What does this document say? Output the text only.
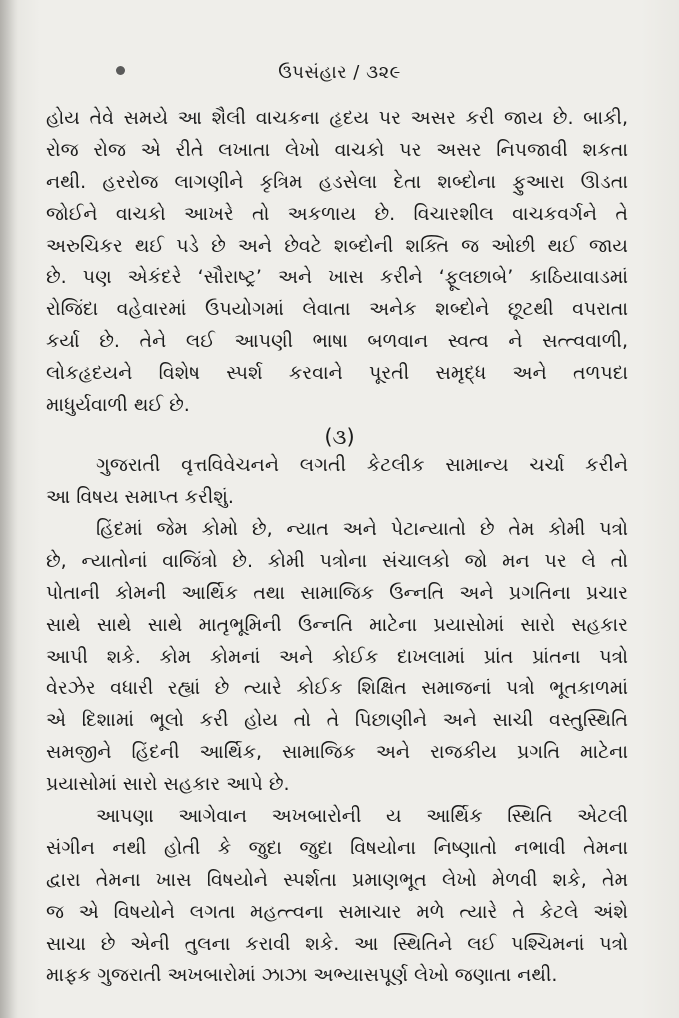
ઉપસંહાર / ૩૨૯
હોય તેવે સમયે આ શૈલી વાચકના હૃદય પર અસર કરી જાય છે. બાકી,
રોજ રોજ એ રીતે લખાતા લેખો વાચકો પર અસર નિપજાવી શકતા
નથી. હરરોજ લાગણીને કૃત્રિમ હડસેલા દેતા શબ્દોના ફુઆરા ઊડતા
જોઈને વાચકો આખરે તો અકળાય છે. વિચારશીલ વાચકવર્ગને તે
અરુચિકર થઈ પડે છે અને છેવટે શબ્દોની શક્તિ જ ઓછી થઈ જાય
છે. પણ એકંદરે ‘સૌરાષ્ટ્ર’ અને ખાસ કરીને ‘ફૂલછાબે’ કાઠિયાવાડમાં
રોજિંદા વહેવારમાં ઉપયોગમાં લેવાતા અનેક શબ્દોને છૂટથી વપરાતા
કર્યા છે. તેને લઈ આપણી ભાષા બળવાન સ્વત્વ ને સત્ત્વવાળી,
લોકહૃદયને વિશેષ સ્પર્શ કરવાને પૂરતી સમૃદ્ધ અને તળપદા
માધુર્યવાળી થઈ છે.
(૩)
ગુજરાતી વૃત્તવિવેચનને લગતી કેટલીક સામાન્ય ચર્ચા કરીને
આ વિષય સમાપ્ત કરીશું.
હિંદમાં જેમ કોમો છે, ન્યાત અને પેટાન્યાતો છે તેમ કોમી પત્રો
છે, ન્યાતોનાં વાજિંત્રો છે. કોમી પત્રોના સંચાલકો જો મન પર લે તો
પોતાની કોમની આર્થિક તથા સામાજિક ઉન્નતિ અને પ્રગતિના પ્રચાર
સાથે સાથે સાથે માતૃભૂમિની ઉન્નતિ માટેના પ્રયાસોમાં સારો સહકાર
આપી શકે. કોમ કોમનાં અને કોઈક દાખલામાં પ્રાંત પ્રાંતના પત્રો
વેરઝેર વધારી રહ્યાં છે ત્યારે કોઈક શિક્ષિત સમાજનાં પત્રો ભૂતકાળમાં
એ દિશામાં ભૂલો કરી હોય તો તે પિછાણીને અને સાચી વસ્તુસ્થિતિ
સમજીને હિંદની આર્થિક, સામાજિક અને રાજકીય પ્રગતિ માટેના
પ્રયાસોમાં સારો સહકાર આપે છે.
આપણા આગેવાન અખબારોની ય આર્થિક સ્થિતિ એટલી
સંગીન નથી હોતી કે જુદા જુદા વિષયોના નિષ્ણાતો નભાવી તેમના
દ્વારા તેમના ખાસ વિષયોને સ્પર્શતા પ્રમાણભૂત લેખો મેળવી શકે, તેમ
જ એ વિષયોને લગતા મહત્ત્વના સમાચાર મળે ત્યારે તે કેટલે અંશે
સાચા છે એની તુલના કરાવી શકે. આ સ્થિતિને લઈ પશ્ચિમનાં પત્રો
માફક ગુજરાતી અખબારોમાં ઝાઝા અભ્યાસપૂર્ણ લેખો જણાતા નથી.
